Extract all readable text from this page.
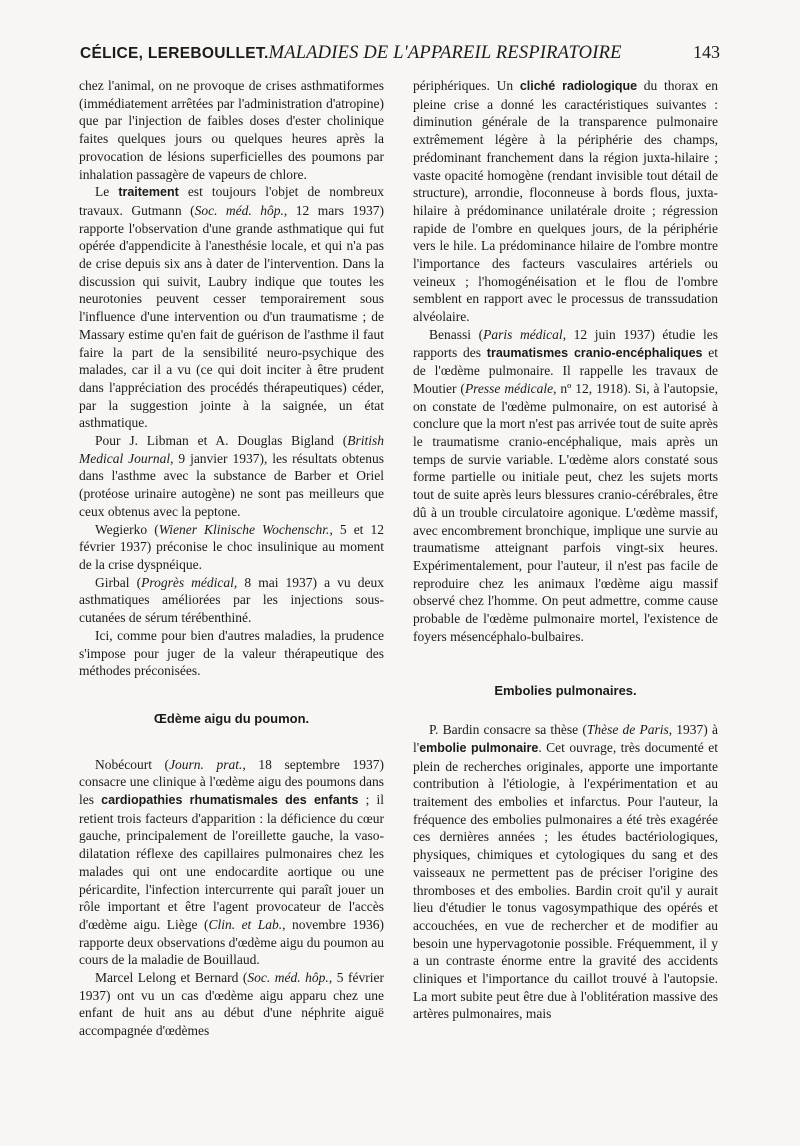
CÉLICE, LEREBOULLET. MALADIES DE L'APPAREIL RESPIRATOIRE	143

chez l'animal, on ne provoque de crises asthmatiformes (immédiatement arrêtées par l'administration d'atropine) que par l'injection de faibles doses d'ester cholinique faites quelques jours ou quelques heures après la provocation de lésions superficielles des poumons par inhalation passagère de vapeurs de chlore.

Le traitement est toujours l'objet de nombreux travaux. Gutmann (Soc. méd. hôp., 12 mars 1937) rapporte l'observation d'une grande asthmatique qui fut opérée d'appendicite à l'anesthésie locale, et qui n'a pas de crise depuis six ans à dater de l'intervention. Dans la discussion qui suivit, Laubry indique que toutes les neurotonies peuvent cesser temporairement sous l'influence d'une intervention ou d'un traumatisme ; de Massary estime qu'en fait de guérison de l'asthme il faut faire la part de la sensibilité neuro-psychique des malades, car il a vu (ce qui doit inciter à être prudent dans l'appréciation des procédés thérapeutiques) céder, par la suggestion jointe à la saignée, un état asthmatique.

Pour J. Libman et A. Douglas Bigland (British Medical Journal, 9 janvier 1937), les résultats obtenus dans l'asthme avec la substance de Barber et Oriel (protéose urinaire autogène) ne sont pas meilleurs que ceux obtenus avec la peptone.

Wegierko (Wiener Klinische Wochenschr., 5 et 12 février 1937) préconise le choc insulinique au moment de la crise dyspnéique.

Girbal (Progrès médical, 8 mai 1937) a vu deux asthmatiques améliorées par les injections sous-cutanées de sérum térébenthiné.

Ici, comme pour bien d'autres maladies, la prudence s'impose pour juger de la valeur thérapeutique des méthodes préconisées.

Œdème aigu du poumon.

Nobécourt (Journ. prat., 18 septembre 1937) consacre une clinique à l'œdème aigu des poumons dans les cardiopathies rhumatismales des enfants ; il retient trois facteurs d'apparition : la déficience du cœur gauche, principalement de l'oreillette gauche, la vaso-dilatation réflexe des capillaires pulmonaires chez les malades qui ont une endocardite aortique ou une péricardite, l'infection intercurrente qui paraît jouer un rôle important et être l'agent provocateur de l'accès d'œdème aigu. Liège (Clin. et Lab., novembre 1936) rapporte deux observations d'œdème aigu du poumon au cours de la maladie de Bouillaud.

Marcel Lelong et Bernard (Soc. méd. hôp., 5 février 1937) ont vu un cas d'œdème aigu apparu chez une enfant de huit ans au début d'une néphrite aiguë accompagnée d'œdèmes

périphériques. Un cliché radiologique du thorax en pleine crise a donné les caractéristiques suivantes : diminution générale de la transparence pulmonaire extrêmement légère à la périphérie des champs, prédominant franchement dans la région juxta-hilaire ; vaste opacité homogène (rendant invisible tout détail de structure), arrondie, floconneuse à bords flous, juxta-hilaire à prédominance unilatérale droite ; régression rapide de l'ombre en quelques jours, de la périphérie vers le hile. La prédominance hilaire de l'ombre montre l'importance des facteurs vasculaires artériels ou veineux ; l'homogénéisation et le flou de l'ombre semblent en rapport avec le processus de transsudation alvéolaire.

Benassi (Paris médical, 12 juin 1937) étudie les rapports des traumatismes cranio-encéphaliques et de l'œdème pulmonaire. Il rappelle les travaux de Moutier (Presse médicale, nº 12, 1918). Si, à l'autopsie, on constate de l'œdème pulmonaire, on est autorisé à conclure que la mort n'est pas arrivée tout de suite après le traumatisme cranio-encéphalique, mais après un temps de survie variable. L'œdème alors constaté sous forme partielle ou initiale peut, chez les sujets morts tout de suite après leurs blessures cranio-cérébrales, être dû à un trouble circulatoire agonique. L'œdème massif, avec encombrement bronchique, implique une survie au traumatisme atteignant parfois vingt-six heures. Expérimentalement, pour l'auteur, il n'est pas facile de reproduire chez les animaux l'œdème aigu massif observé chez l'homme. On peut admettre, comme cause probable de l'œdème pulmonaire mortel, l'existence de foyers mésencéphalo-bulbaires.

Embolies pulmonaires.

P. Bardin consacre sa thèse (Thèse de Paris, 1937) à l'embolie pulmonaire. Cet ouvrage, très documenté et plein de recherches originales, apporte une importante contribution à l'étiologie, à l'expérimentation et au traitement des embolies et infarctus. Pour l'auteur, la fréquence des embolies pulmonaires a été très exagérée ces dernières années ; les études bactériologiques, physiques, chimiques et cytologiques du sang et des vaisseaux ne permettent pas de préciser l'origine des thromboses et des embolies. Bardin croit qu'il y aurait lieu d'étudier le tonus vagosympathique des opérés et accouchées, en vue de rechercher et de modifier au besoin une hypervagotonie possible. Fréquemment, il y a un contraste énorme entre la gravité des accidents cliniques et l'importance du caillot trouvé à l'autopsie. La mort subite peut être due à l'oblitération massive des artères pulmonaires, mais
